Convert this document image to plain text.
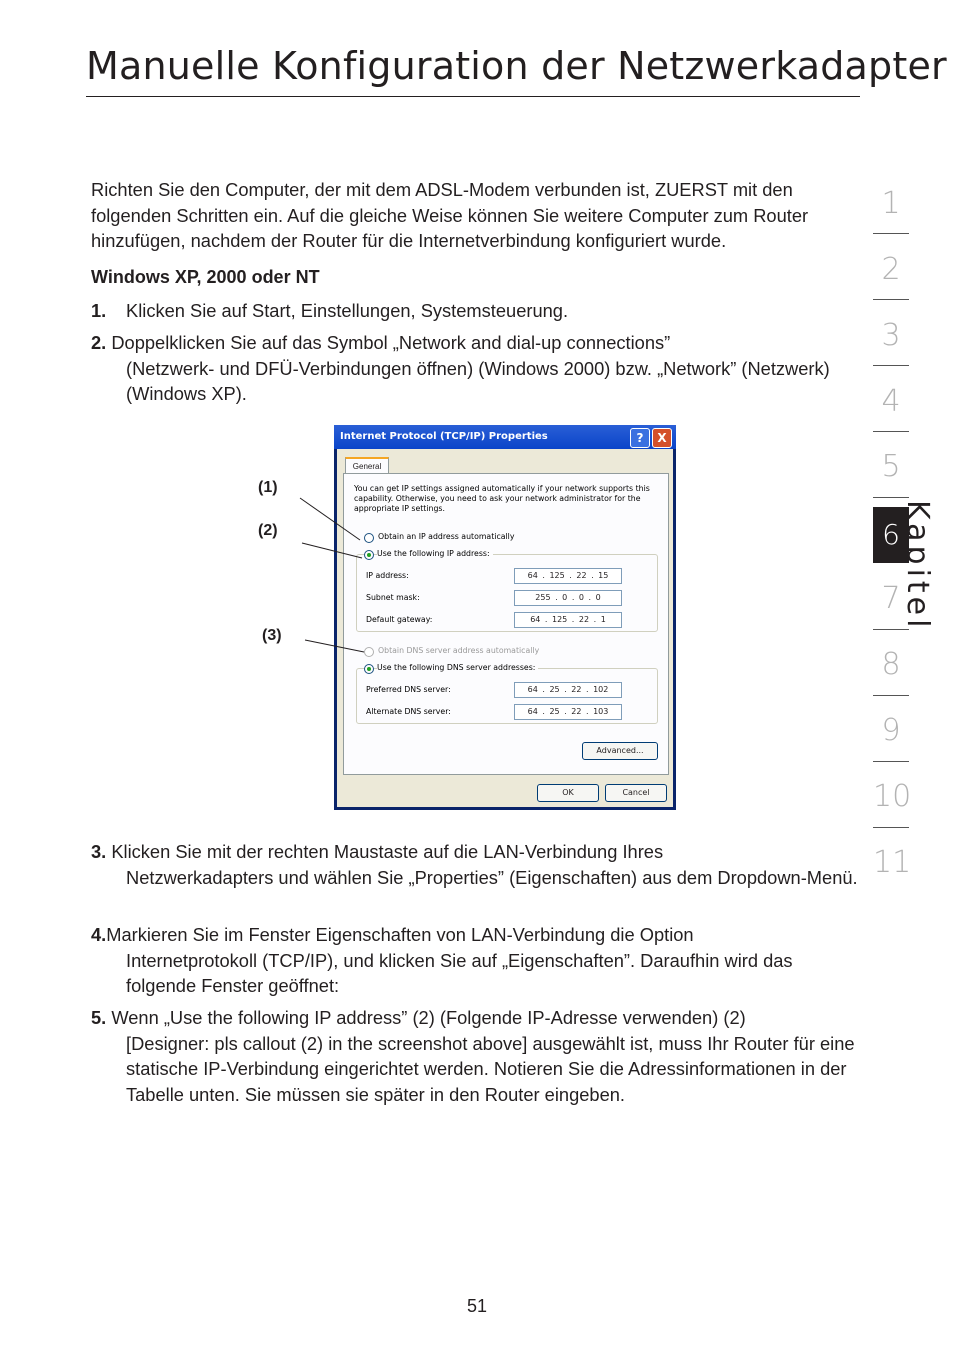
Manuelle Konfiguration der Netzwerkadapter
Richten Sie den Computer, der mit dem ADSL-Modem verbunden ist, ZUERST mit den folgenden Schritten ein. Auf die gleiche Weise können Sie weitere Computer zum Router hinzufügen, nachdem der Router für die Internetverbindung konfiguriert wurde.
Windows XP, 2000 oder NT
1. Klicken Sie auf Start, Einstellungen, Systemsteuerung.
2. Doppelklicken Sie auf das Symbol „Network and dial-up connections”
(Netzwerk- und DFÜ-Verbindungen öffnen) (Windows 2000) bzw. „Network” (Netzwerk) (Windows XP).
Internet Protocol (TCP/IP) Properties	?	X
General
You can get IP settings assigned automatically if your network supports this capability. Otherwise, you need to ask your network administrator for the appropriate IP settings.
Obtain an IP address automatically
Use the following IP address:
IP address:	64 . 125 . 22 . 15
Subnet mask:	255 . 0 . 0 . 0
Default gateway:	64 . 125 . 22 . 1
Obtain DNS server address automatically
Use the following DNS server addresses:
Preferred DNS server:	64 . 25 . 22 . 102
Alternate DNS server:	64 . 25 . 22 . 103
Advanced...
OK	Cancel
(1)
(2)
(3)
3. Klicken Sie mit der rechten Maustaste auf die LAN-Verbindung Ihres
Netzwerkadapters und wählen Sie „Properties” (Eigenschaften) aus dem Dropdown-Menü.
4.Markieren Sie im Fenster Eigenschaften von LAN-Verbindung die Option
Internetprotokoll (TCP/IP), und klicken Sie auf „Eigenschaften”. Daraufhin wird das folgende Fenster geöffnet:
5. Wenn „Use the following IP address” (2) (Folgende IP-Adresse verwenden) (2)
[Designer: pls callout (2) in the screenshot above] ausgewählt ist, muss Ihr Router für eine statische IP-Verbindung eingerichtet werden. Notieren Sie die Adressinformationen in der Tabelle unten. Sie müssen sie später in den Router eingeben.
51
1
2
3
4
5
6
7
8
9
10
11
Kapitel
